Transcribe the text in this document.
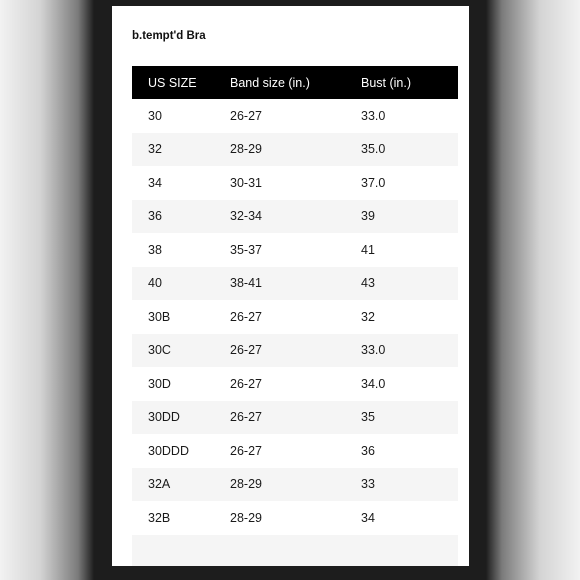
b.tempt'd Bra
US SIZE	Band size (in.)	Bust (in.)
30	26-27	33.0
32	28-29	35.0
34	30-31	37.0
36	32-34	39
38	35-37	41
40	38-41	43
30B	26-27	32
30C	26-27	33.0
30D	26-27	34.0
30DD	26-27	35
30DDD	26-27	36
32A	28-29	33
32B	28-29	34
